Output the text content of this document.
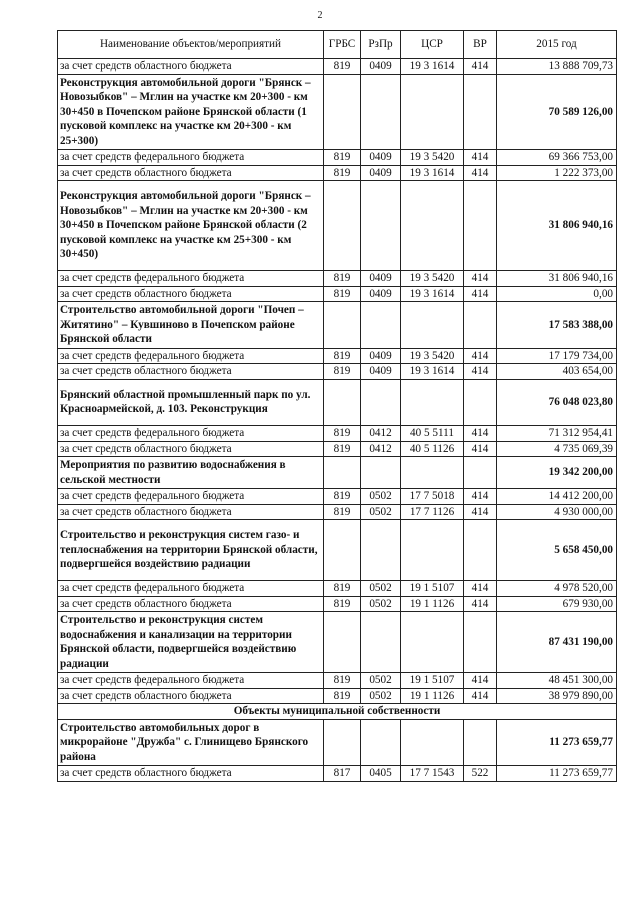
2
Наименование объектов/мероприятий	ГРБС	РзПр	ЦСР	ВР	2015 год
за счет средств областного бюджета	819	0409	19 3 1614	414	13 888 709,73
Реконструкция автомобильной дороги "Брянск – Новозыбков" – Мглин на участке км 20+300 - км 30+450 в Почепском районе Брянской области (1 пусковой комплекс на участке км 20+300 - км 25+300)					70 589 126,00
за счет средств федерального бюджета	819	0409	19 3 5420	414	69 366 753,00
за счет средств областного бюджета	819	0409	19 3 1614	414	1 222 373,00
Реконструкция автомобильной дороги "Брянск – Новозыбков" – Мглин на участке км 20+300 - км 30+450 в Почепском районе Брянской области (2 пусковой комплекс на участке км 25+300 - км 30+450)					31 806 940,16
за счет средств федерального бюджета	819	0409	19 3 5420	414	31 806 940,16
за счет средств областного бюджета	819	0409	19 3 1614	414	0,00
Строительство автомобильной дороги "Почеп – Житятино" – Кувшиново в Почепском районе Брянской области					17 583 388,00
за счет средств федерального бюджета	819	0409	19 3 5420	414	17 179 734,00
за счет средств областного бюджета	819	0409	19 3 1614	414	403 654,00
Брянский областной промышленный парк по ул. Красноармейской, д. 103. Реконструкция					76 048 023,80
за счет средств федерального бюджета	819	0412	40 5 5111	414	71 312 954,41
за счет средств областного бюджета	819	0412	40 5 1126	414	4 735 069,39
Мероприятия по развитию водоснабжения в сельской местности					19 342 200,00
за счет средств федерального бюджета	819	0502	17 7 5018	414	14 412 200,00
за счет средств областного бюджета	819	0502	17 7 1126	414	4 930 000,00
Строительство и реконструкция систем газо- и теплоснабжения на территории Брянской области, подвергшейся воздействию радиации					5 658 450,00
за счет средств федерального бюджета	819	0502	19 1 5107	414	4 978 520,00
за счет средств областного бюджета	819	0502	19 1 1126	414	679 930,00
Строительство и реконструкция систем водоснабжения и канализации на территории Брянской области, подвергшейся воздействию радиации					87 431 190,00
за счет средств федерального бюджета	819	0502	19 1 5107	414	48 451 300,00
за счет средств областного бюджета	819	0502	19 1 1126	414	38 979 890,00
Объекты муниципальной собственности					
Строительство автомобильных дорог в микрорайоне "Дружба" с. Глинищево Брянского района					11 273 659,77
за счет средств областного бюджета	817	0405	17 7 1543	522	11 273 659,77
